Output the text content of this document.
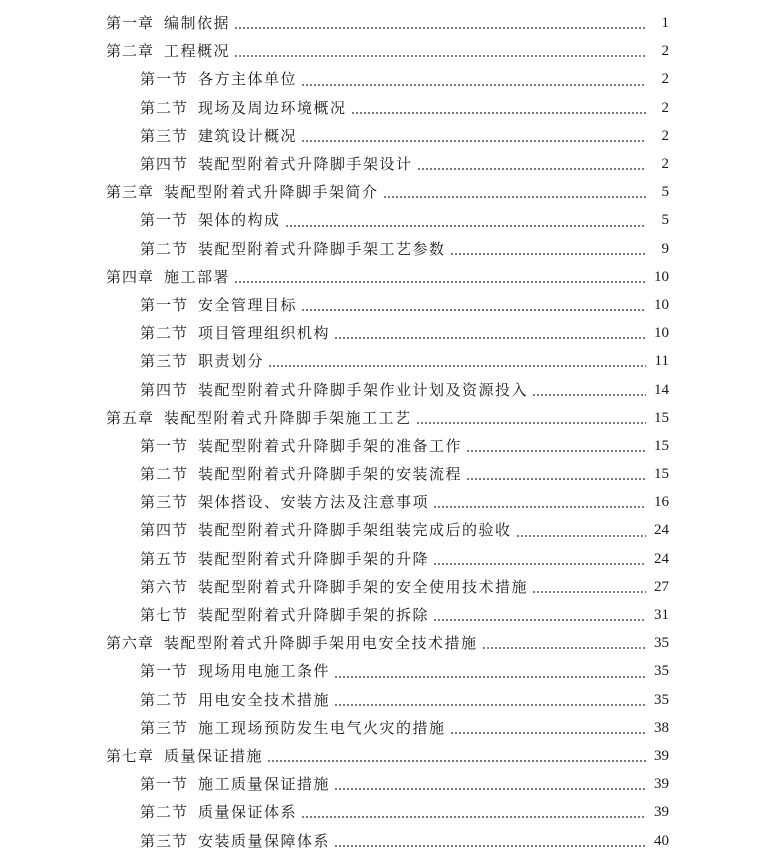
第一章 编制依据	1
第二章 工程概况	2
第一节 各方主体单位	2
第二节 现场及周边环境概况	2
第三节 建筑设计概况	2
第四节 装配型附着式升降脚手架设计	2
第三章 装配型附着式升降脚手架简介	5
第一节 架体的构成	5
第二节 装配型附着式升降脚手架工艺参数	9
第四章 施工部署	10
第一节 安全管理目标	10
第二节 项目管理组织机构	10
第三节 职责划分	11
第四节 装配型附着式升降脚手架作业计划及资源投入	14
第五章 装配型附着式升降脚手架施工工艺	15
第一节 装配型附着式升降脚手架的准备工作	15
第二节 装配型附着式升降脚手架的安装流程	15
第三节 架体搭设、安装方法及注意事项	16
第四节 装配型附着式升降脚手架组装完成后的验收	24
第五节 装配型附着式升降脚手架的升降	24
第六节 装配型附着式升降脚手架的安全使用技术措施	27
第七节 装配型附着式升降脚手架的拆除	31
第六章 装配型附着式升降脚手架用电安全技术措施	35
第一节 现场用电施工条件	35
第二节 用电安全技术措施	35
第三节 施工现场预防发生电气火灾的措施	38
第七章 质量保证措施	39
第一节 施工质量保证措施	39
第二节 质量保证体系	39
第三节 安装质量保障体系	40
